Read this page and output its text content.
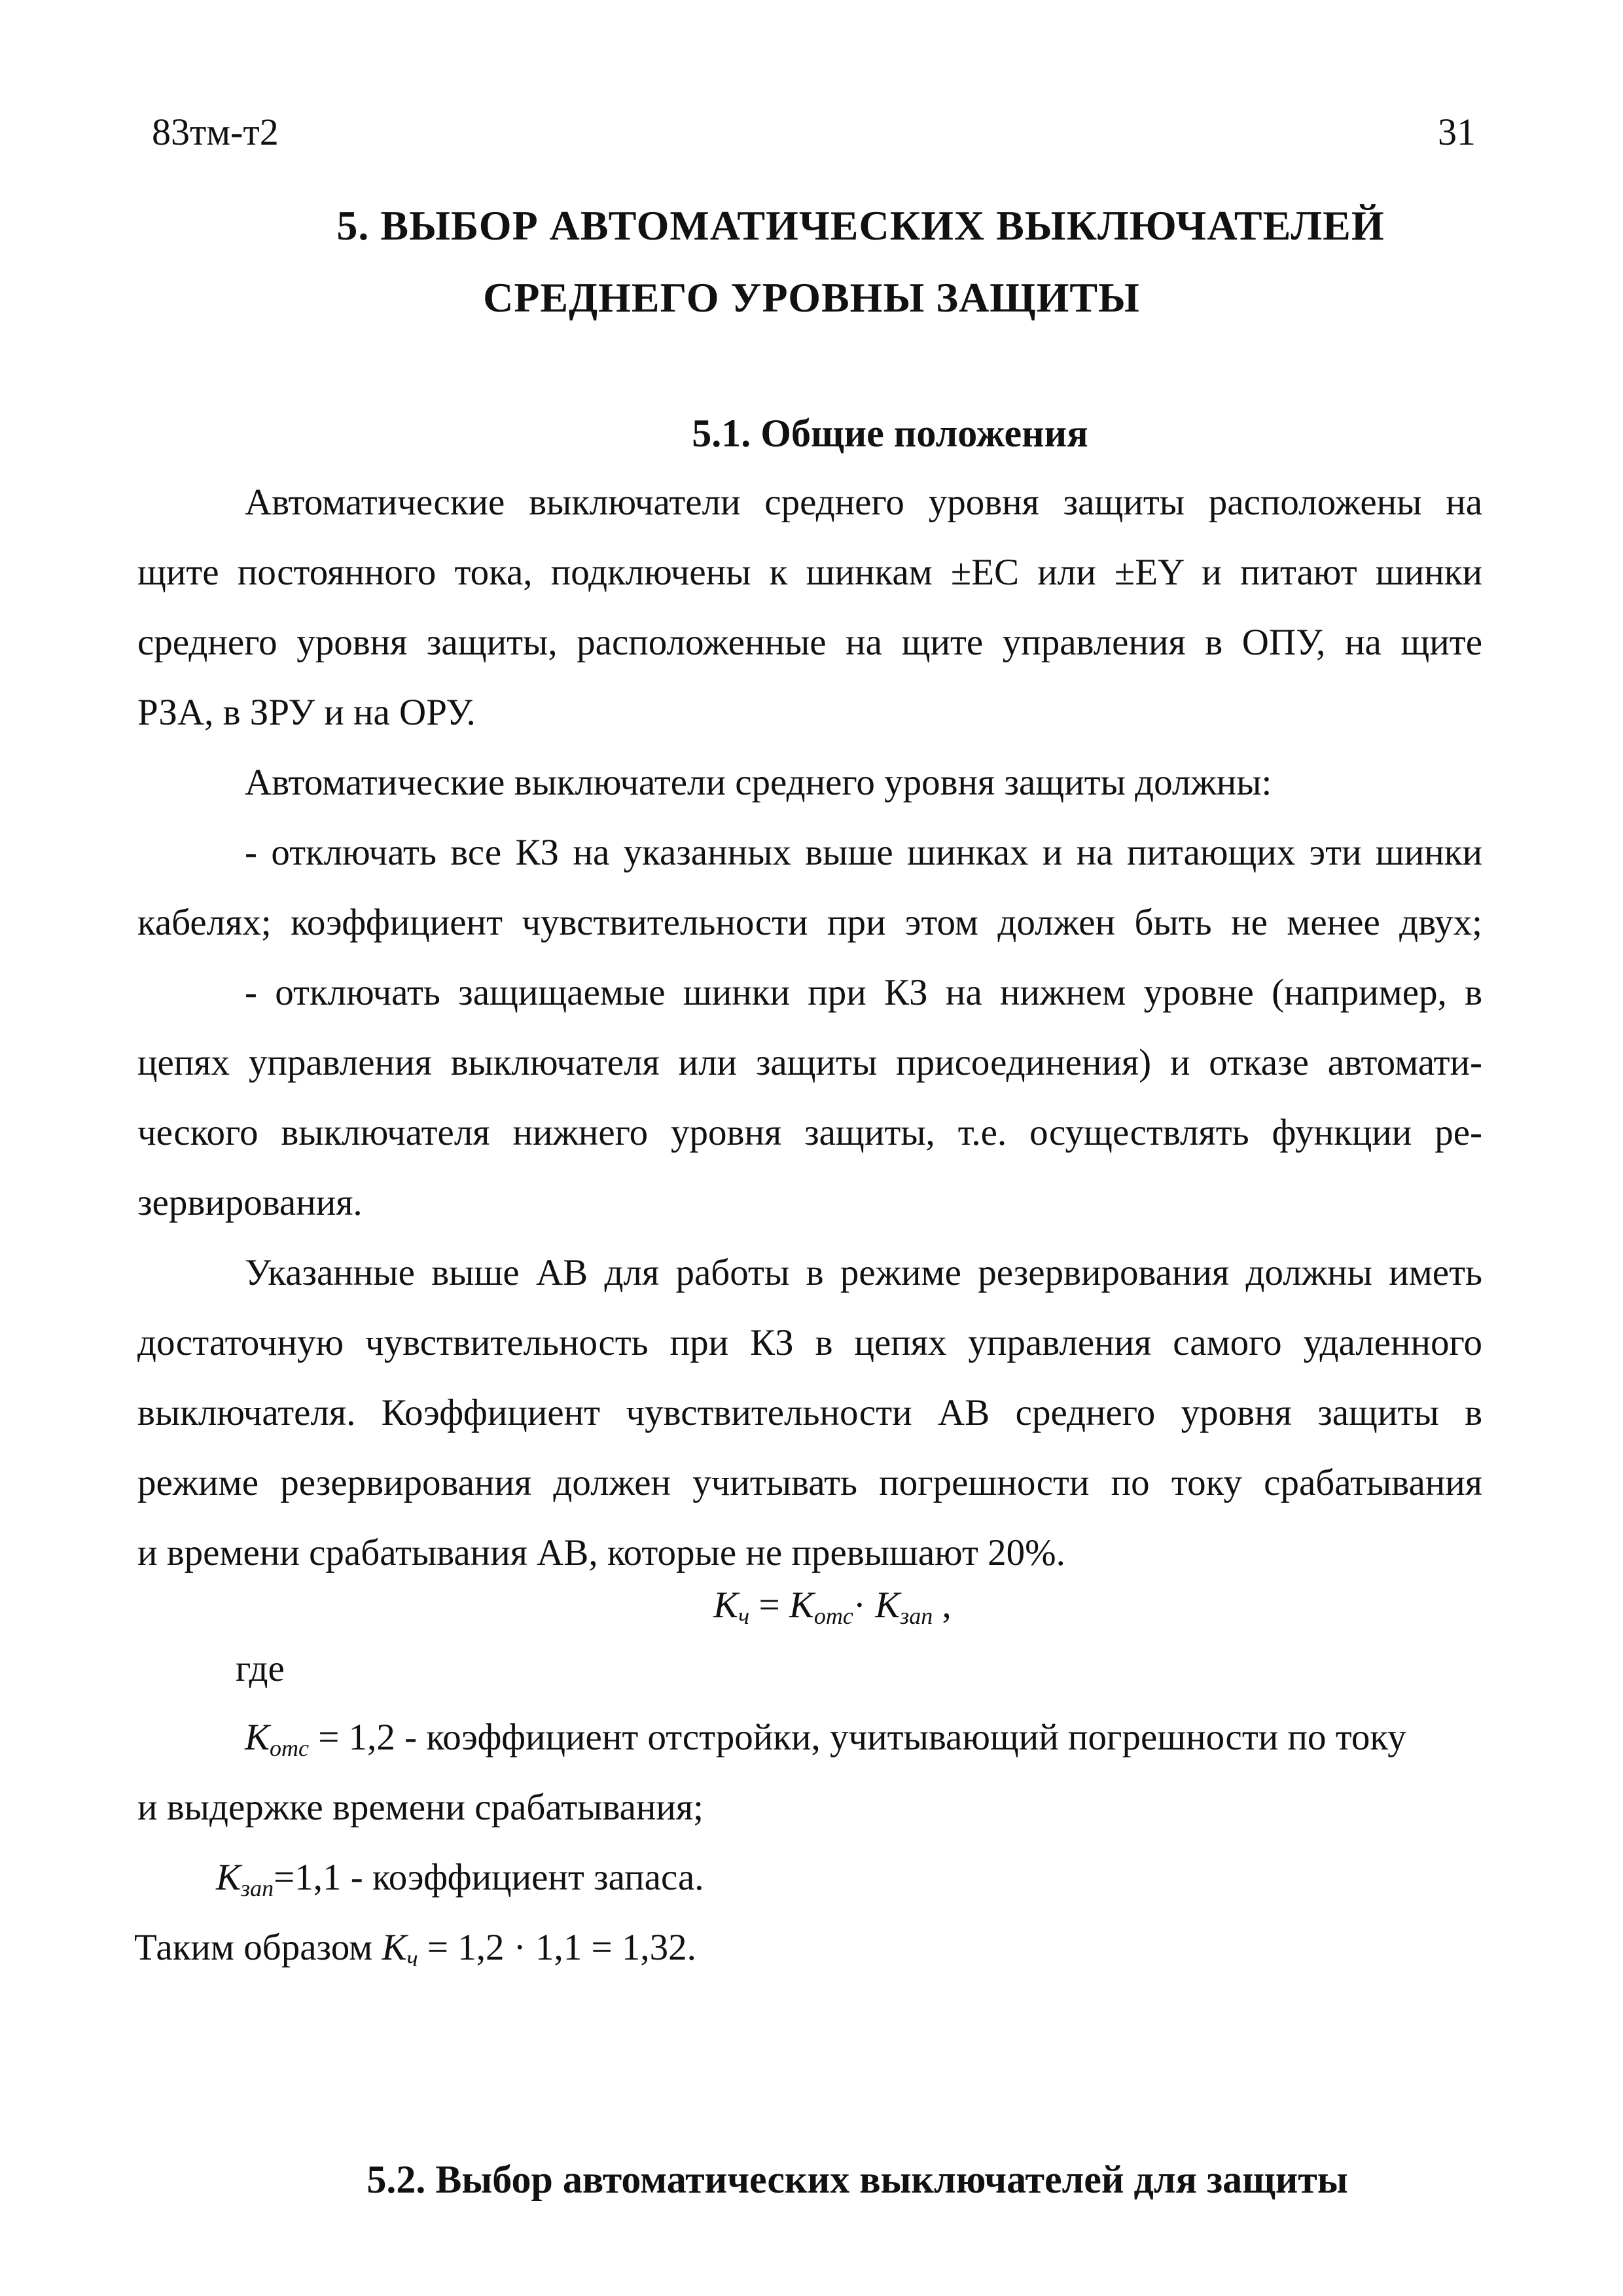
83тм-т2	31
5. ВЫБОР АВТОМАТИЧЕСКИХ ВЫКЛЮЧАТЕЛЕЙ
СРЕДНЕГО УРОВНЫ ЗАЩИТЫ
5.1. Общие положения
Автоматические выключатели среднего уровня защиты расположены на
щите постоянного тока, подключены к шинкам ±ЕС или ±ЕY и питают шинки
среднего уровня защиты, расположенные на щите управления в ОПУ, на щите
РЗА, в ЗРУ и на ОРУ.
Автоматические выключатели среднего уровня защиты должны:
- отключать все КЗ на указанных выше шинках и на питающих эти шинки
кабелях; коэффициент чувствительности при этом должен быть не менее двух;
- отключать защищаемые шинки при КЗ на нижнем уровне (например, в
цепях управления выключателя или защиты присоединения) и отказе автомати-
ческого выключателя нижнего уровня защиты, т.е. осуществлять функции ре-
зервирования.
Указанные выше АВ для работы в режиме резервирования должны иметь
достаточную чувствительность при КЗ в цепях управления самого удаленного
выключателя. Коэффициент чувствительности АВ среднего уровня защиты в
режиме резервирования должен учитывать погрешности по току срабатывания
и времени срабатывания АВ, которые не превышают 20%.
$K_ч = K_{отс}\cdot K_{зап}$ ,
где
$K_{отс} = 1,2$ - коэффициент отстройки, учитывающий погрешности по току
и выдержке времени срабатывания;
$K_{зап}=1,1$ - коэффициент запаса.
Таким образом $K_ч = 1,2 \cdot 1,1 = 1,32$.
5.2. Выбор автоматических выключателей для защиты
